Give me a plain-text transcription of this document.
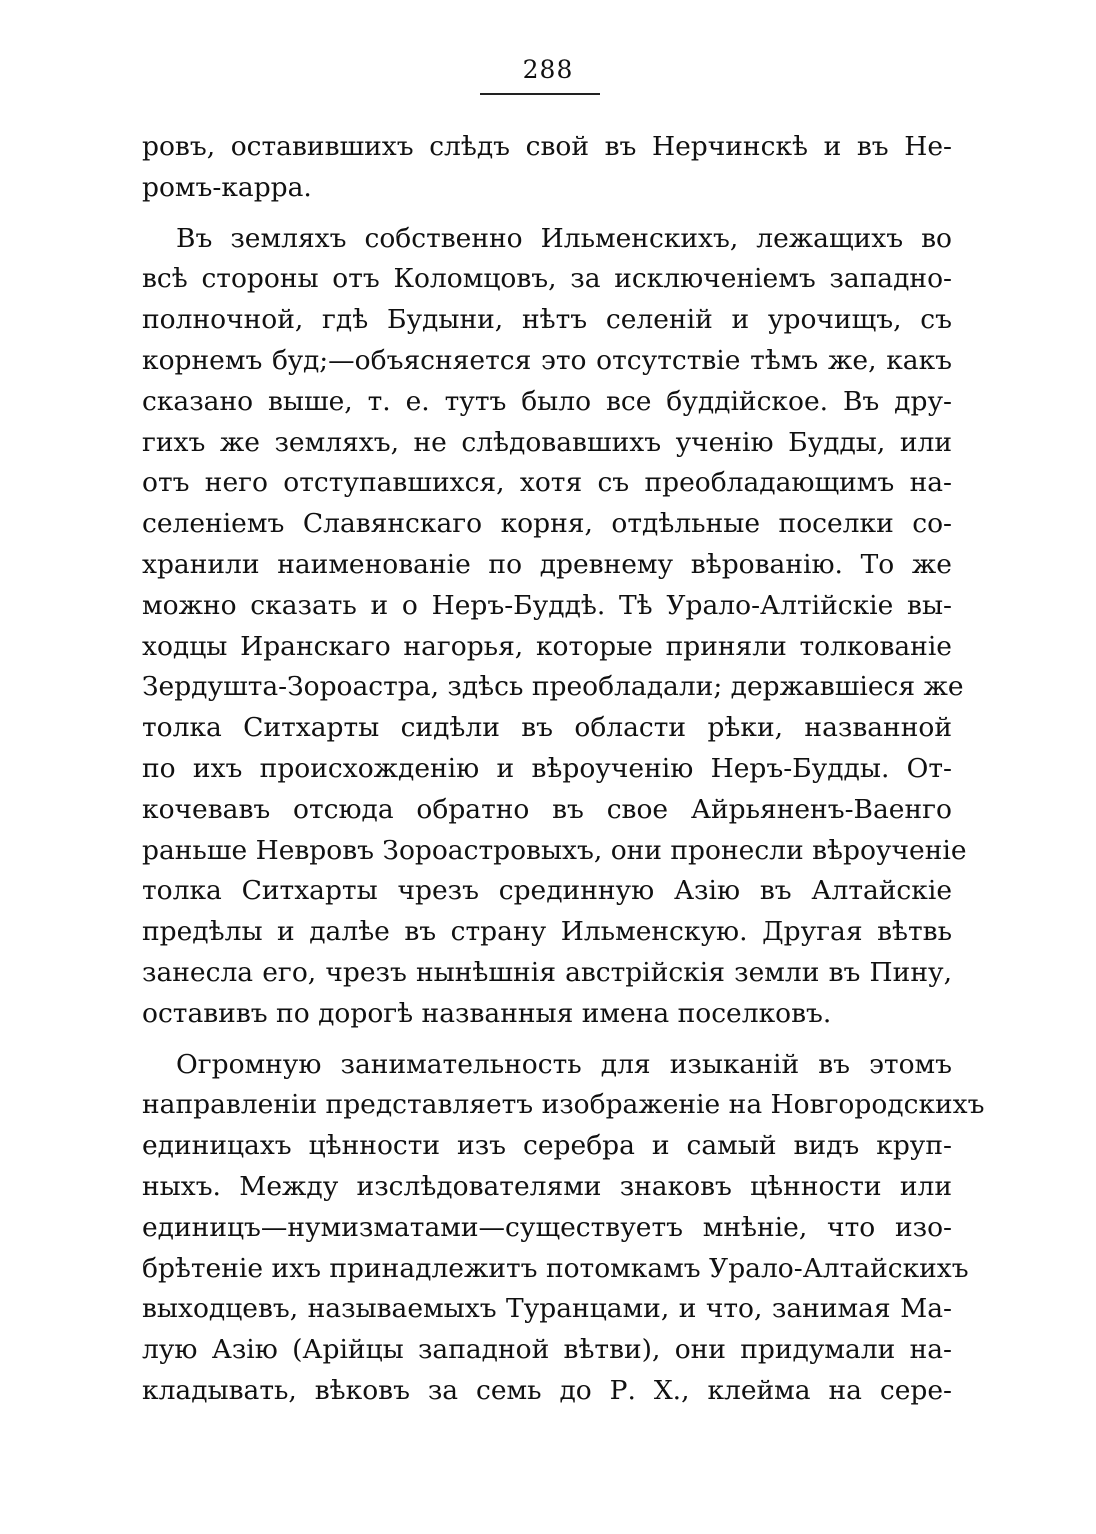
288
ровъ, оставившихъ слѣдъ свой въ Нерчинскѣ и въ Не-
ромъ-карра.
Въ земляхъ собственно Ильменскихъ, лежащихъ во
всѣ стороны отъ Коломцовъ, за исключеніемъ западно-
полночной, гдѣ Будыни, нѣтъ селеній и урочищъ, съ
корнемъ бyд;—объясняется это отсутствіе тѣмъ же, какъ
сказано выше, т. е. тутъ было все буддійское. Въ дру-
гихъ же земляхъ, не слѣдовавшихъ ученію Будды, или
отъ него отступавшихся, хотя съ преобладающимъ на-
селеніемъ Славянскаго корня, отдѣльные поселки со-
хранили наименованіе по древнему вѣрованію. То же
можно сказать и о Неръ-Буддѣ. Тѣ Урало-Алтійскіе вы-
ходцы Иранскаго нагорья, которые приняли толкованіе
Зердушта-Зороастра, здѣсь преобладали; державшіеся же
толка Ситхарты сидѣли въ области рѣки, названной
по ихъ происхожденію и вѣроученію Неръ-Будды. От-
кочевавъ отсюда обратно въ свое Айрьяненъ-Ваенго
раньше Невровъ Зороастровыхъ, они пронесли вѣроученіе
толка Ситхарты чрезъ срединную Азію въ Алтайскіе
предѣлы и далѣе въ страну Ильменскую. Другая вѣтвь
занесла его, чрезъ нынѣшнія австрійскія земли въ Пину,
оставивъ по дорогѣ названныя имена поселковъ.
Огромную занимательность для изыканій въ этомъ
направленіи представляетъ изображеніе на Новгородскихъ
единицахъ цѣнности изъ серебра и самый видъ круп-
ныхъ. Между изслѣдователями знаковъ цѣнности или
единицъ—нумизматами—существуетъ мнѣніе, что изо-
брѣтеніе ихъ принадлежитъ потомкамъ Урало-Алтайскихъ
выходцевъ, называемыхъ Туранцами, и что, занимая Ма-
лую Азію (Арійцы западной вѣтви), они придумали на-
кладывать, вѣковъ за семь до Р. Х., клейма на сере-
